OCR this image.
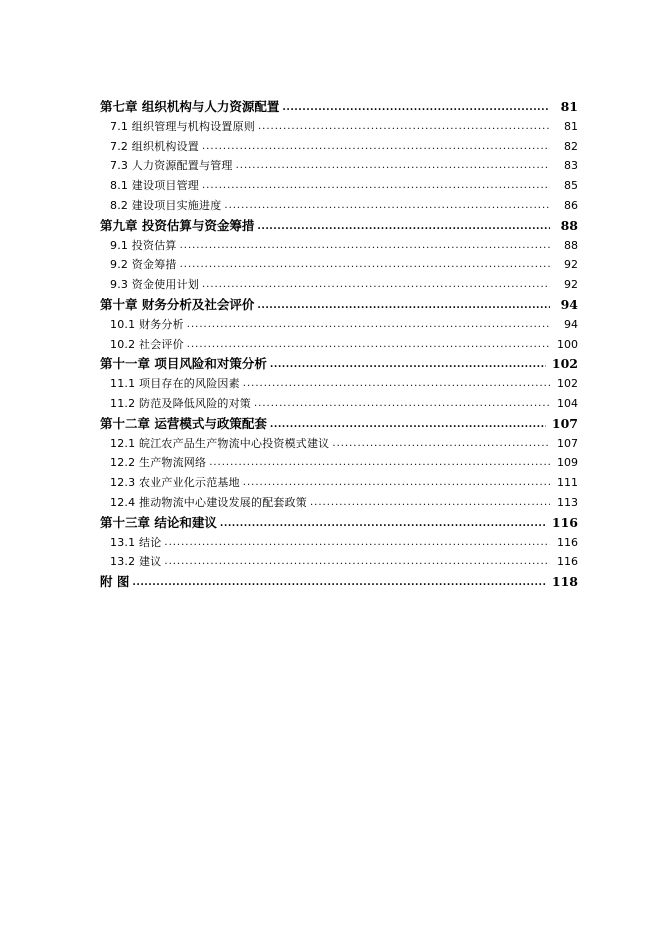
第七章 组织机构与人力资源配置 .....	81
7.1 组织管理与机构设置原则 .....	81
7.2 组织机构设置 .....	82
7.3 人力资源配置与管理 .....	83
8.1 建设项目管理 .....	85
8.2 建设项目实施进度 .....	86
第九章 投资估算与资金筹措 .....	88
9.1 投资估算 .....	88
9.2 资金筹措 .....	92
9.3 资金使用计划 .....	92
第十章 财务分析及社会评价 .....	94
10.1 财务分析 .....	94
10.2 社会评价 .....	100
第十一章 项目风险和对策分析 .....	102
11.1 项目存在的风险因素 .....	102
11.2 防范及降低风险的对策 .....	104
第十二章 运营模式与政策配套 .....	107
12.1 皖江农产品生产物流中心投资模式建议 .....	107
12.2 生产物流网络 .....	109
12.3 农业产业化示范基地 .....	111
12.4 推动物流中心建设发展的配套政策 .....	113
第十三章 结论和建议 .....	116
13.1 结论 .....	116
13.2 建议 .....	116
附 图 .....	118
